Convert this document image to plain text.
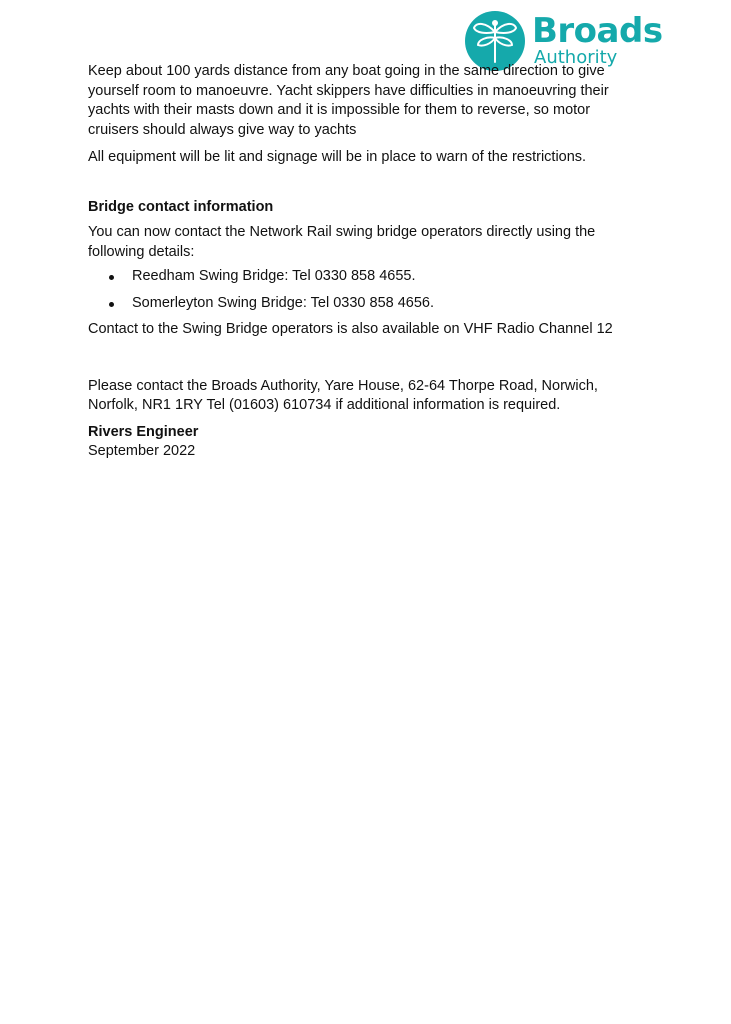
Broads
Authority

Keep about 100 yards distance from any boat going in the same direction to give yourself room to manoeuvre. Yacht skippers have difficulties in manoeuvring their yachts with their masts down and it is impossible for them to reverse, so motor cruisers should always give way to yachts

All equipment will be lit and signage will be in place to warn of the restrictions.

Bridge contact information

You can now contact the Network Rail swing bridge operators directly using the following details:

Reedham Swing Bridge: Tel 0330 858 4655.
Somerleyton Swing Bridge: Tel 0330 858 4656.

Contact to the Swing Bridge operators is also available on VHF Radio Channel 12

Please contact the Broads Authority, Yare House, 62-64 Thorpe Road, Norwich, Norfolk, NR1 1RY Tel (01603) 610734 if additional information is required.

Rivers Engineer

September 2022
